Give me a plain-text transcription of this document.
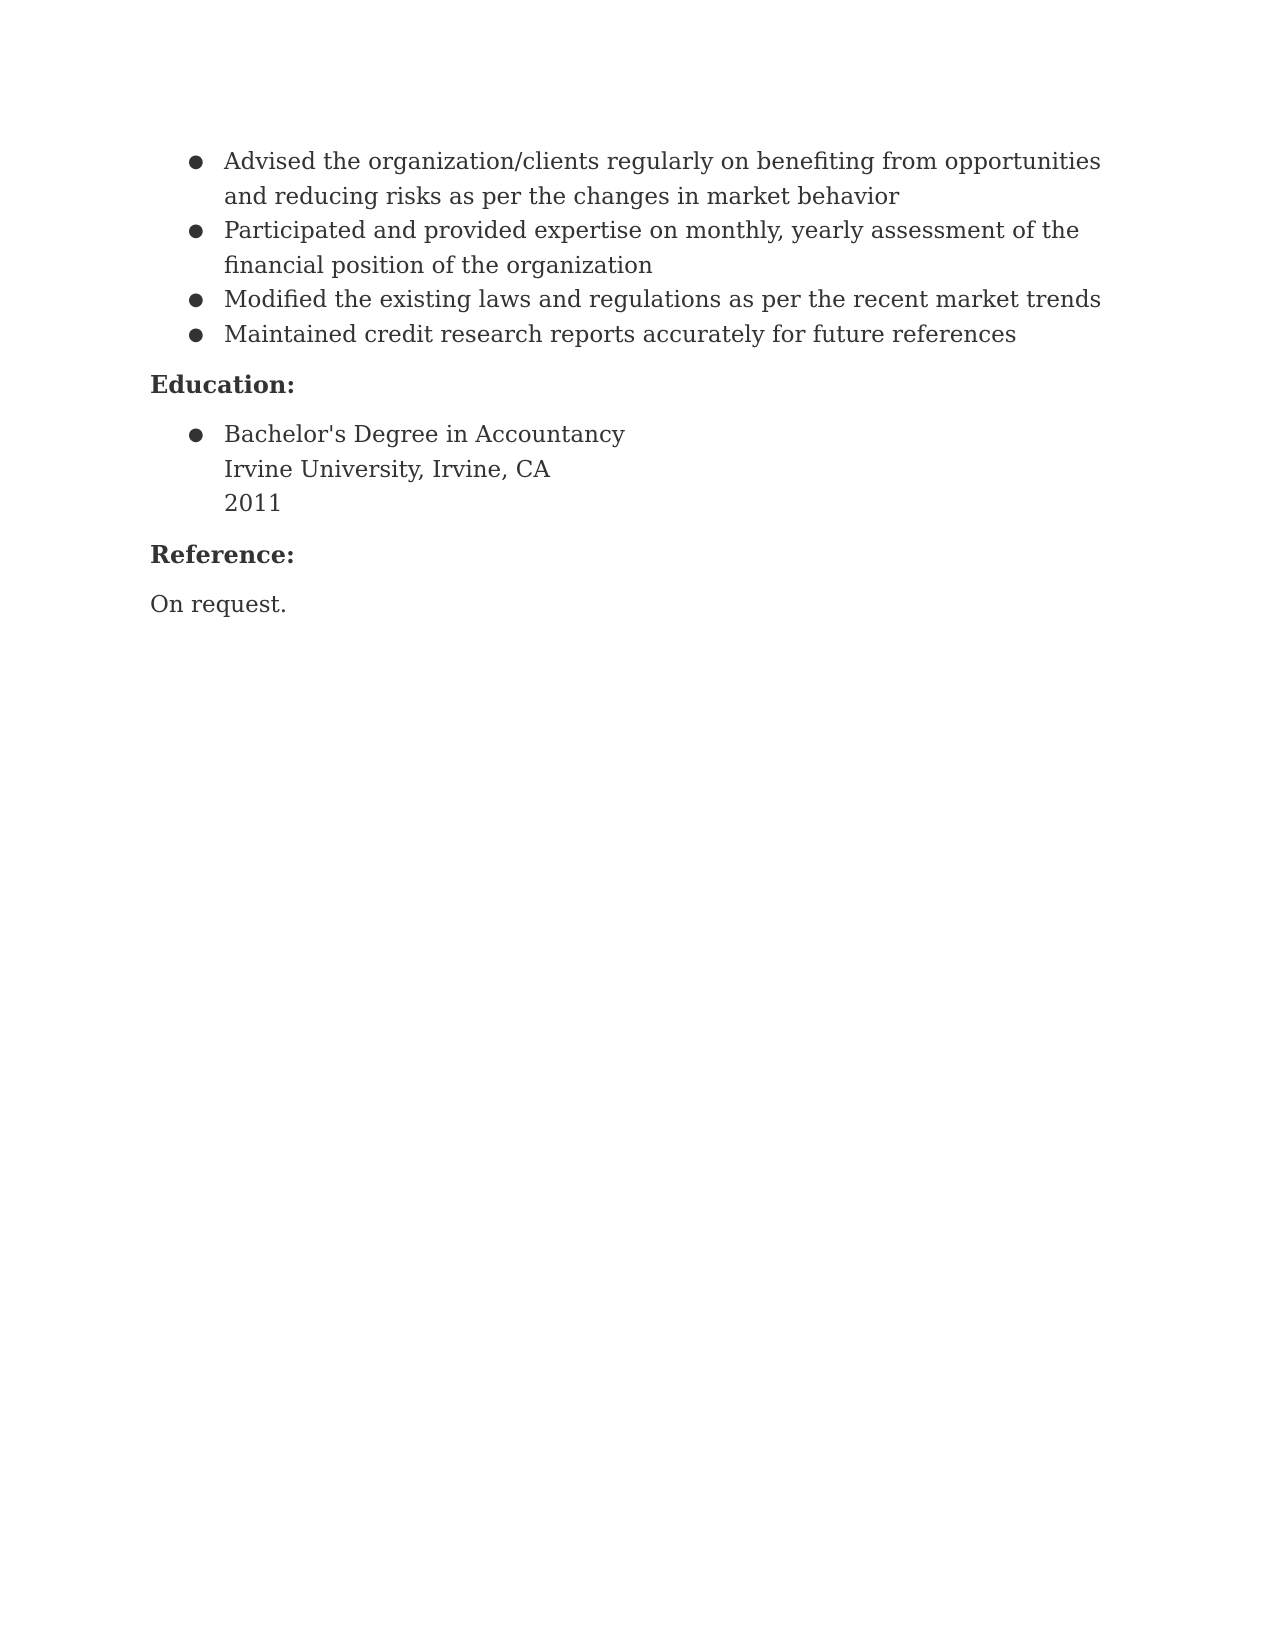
● Advised the organization/clients regularly on benefiting from opportunities and reducing risks as per the changes in market behavior
● Participated and provided expertise on monthly, yearly assessment of the financial position of the organization
● Modified the existing laws and regulations as per the recent market trends
● Maintained credit research reports accurately for future references
Education:
● Bachelor's Degree in Accountancy
Irvine University, Irvine, CA
2011
Reference:
On request.
